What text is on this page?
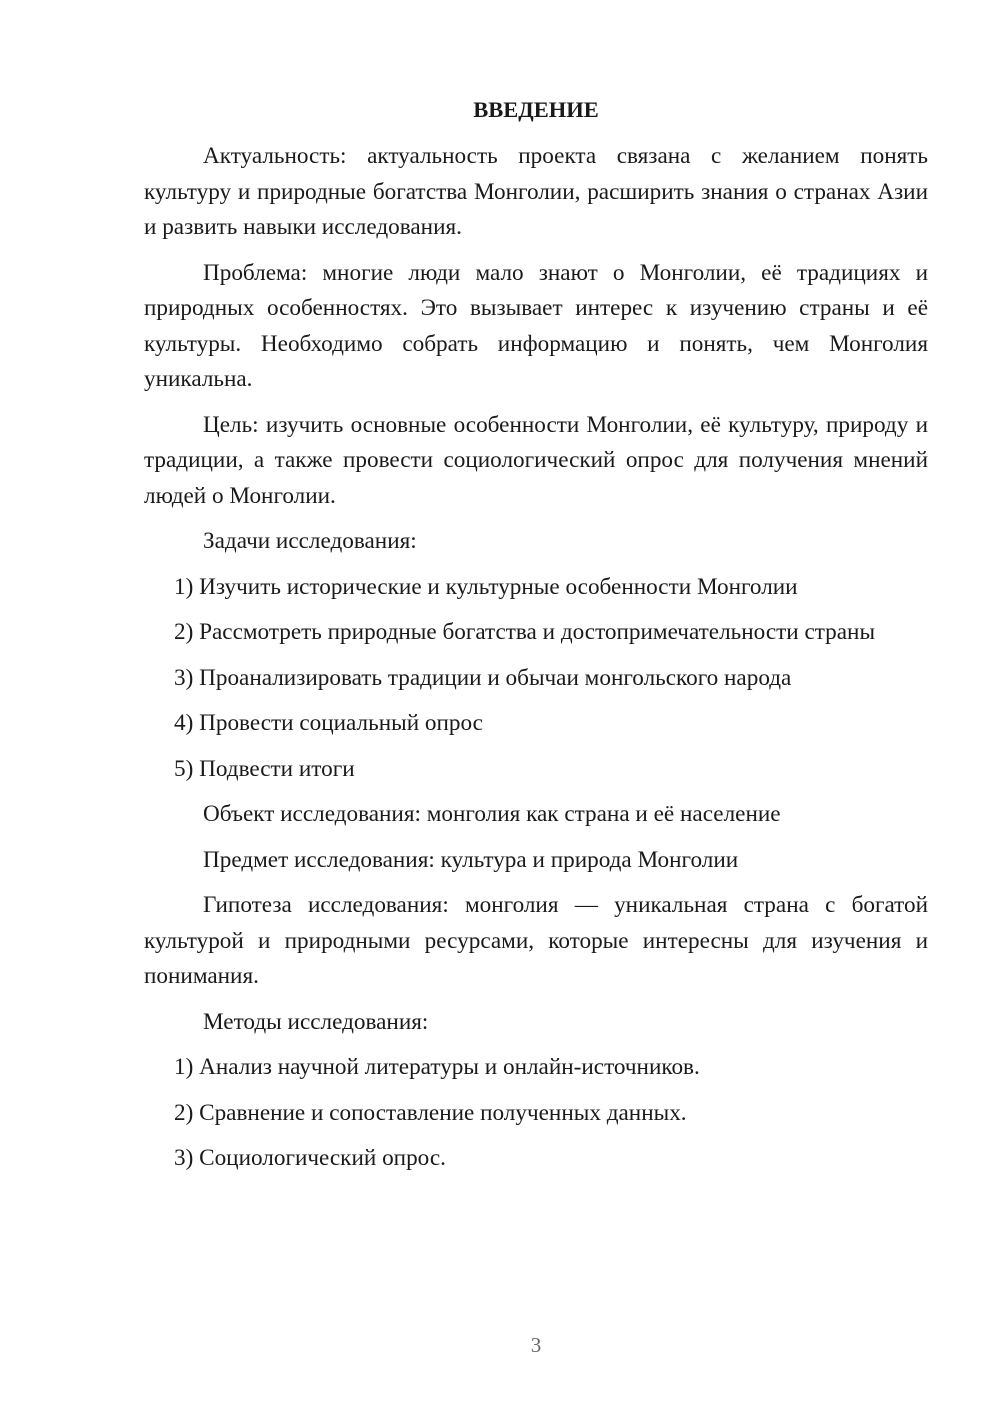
ВВЕДЕНИЕ

Актуальность: актуальность проекта связана с желанием понять культуру и природные богатства Монголии, расширить знания о странах Азии и развить навыки исследования.

Проблема: многие люди мало знают о Монголии, её традициях и природных особенностях. Это вызывает интерес к изучению страны и её культуры. Необходимо собрать информацию и понять, чем Монголия уникальна.

Цель: изучить основные особенности Монголии, её культуру, природу и традиции, а также провести социологический опрос для получения мнений людей о Монголии.

Задачи исследования:

1) Изучить исторические и культурные особенности Монголии

2) Рассмотреть природные богатства и достопримечательности страны

3) Проанализировать традиции и обычаи монгольского народа

4) Провести социальный опрос

5) Подвести итоги

Объект исследования: монголия как страна и её население

Предмет исследования: культура и природа Монголии

Гипотеза исследования: монголия — уникальная страна с богатой культурой и природными ресурсами, которые интересны для изучения и понимания.

Методы исследования:

1) Анализ научной литературы и онлайн-источников.

2) Сравнение и сопоставление полученных данных.

3) Социологический опрос.

3
